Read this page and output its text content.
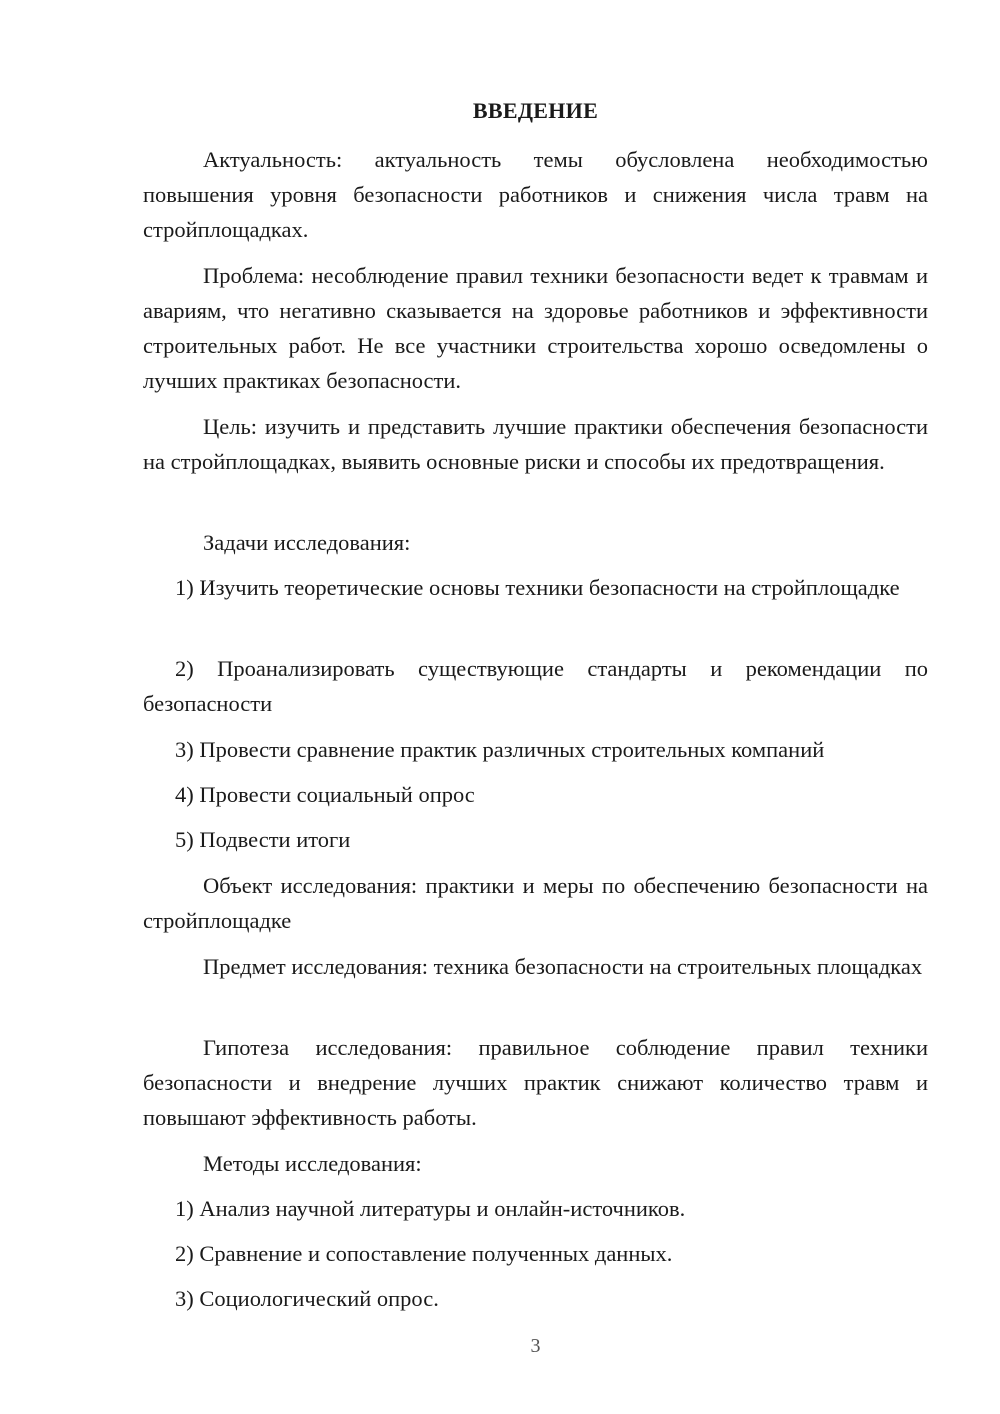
ВВЕДЕНИЕ

Актуальность: актуальность темы обусловлена необходимостью повышения уровня безопасности работников и снижения числа травм на стройплощадках.

Проблема: несоблюдение правил техники безопасности ведет к травмам и авариям, что негативно сказывается на здоровье работников и эффективности строительных работ. Не все участники строительства хорошо осведомлены о лучших практиках безопасности.

Цель: изучить и представить лучшие практики обеспечения безопасности на стройплощадках, выявить основные риски и способы их предотвращения.

Задачи исследования:

1) Изучить теоретические основы техники безопасности на стройплощадке

2) Проанализировать существующие стандарты и рекомендации по безопасности

3) Провести сравнение практик различных строительных компаний

4) Провести социальный опрос

5) Подвести итоги

Объект исследования: практики и меры по обеспечению безопасности на стройплощадке

Предмет исследования: техника безопасности на строительных площадках

Гипотеза исследования: правильное соблюдение правил техники безопасности и внедрение лучших практик снижают количество травм и повышают эффективность работы.

Методы исследования:

1) Анализ научной литературы и онлайн-источников.

2) Сравнение и сопоставление полученных данных.

3) Социологический опрос.

3
